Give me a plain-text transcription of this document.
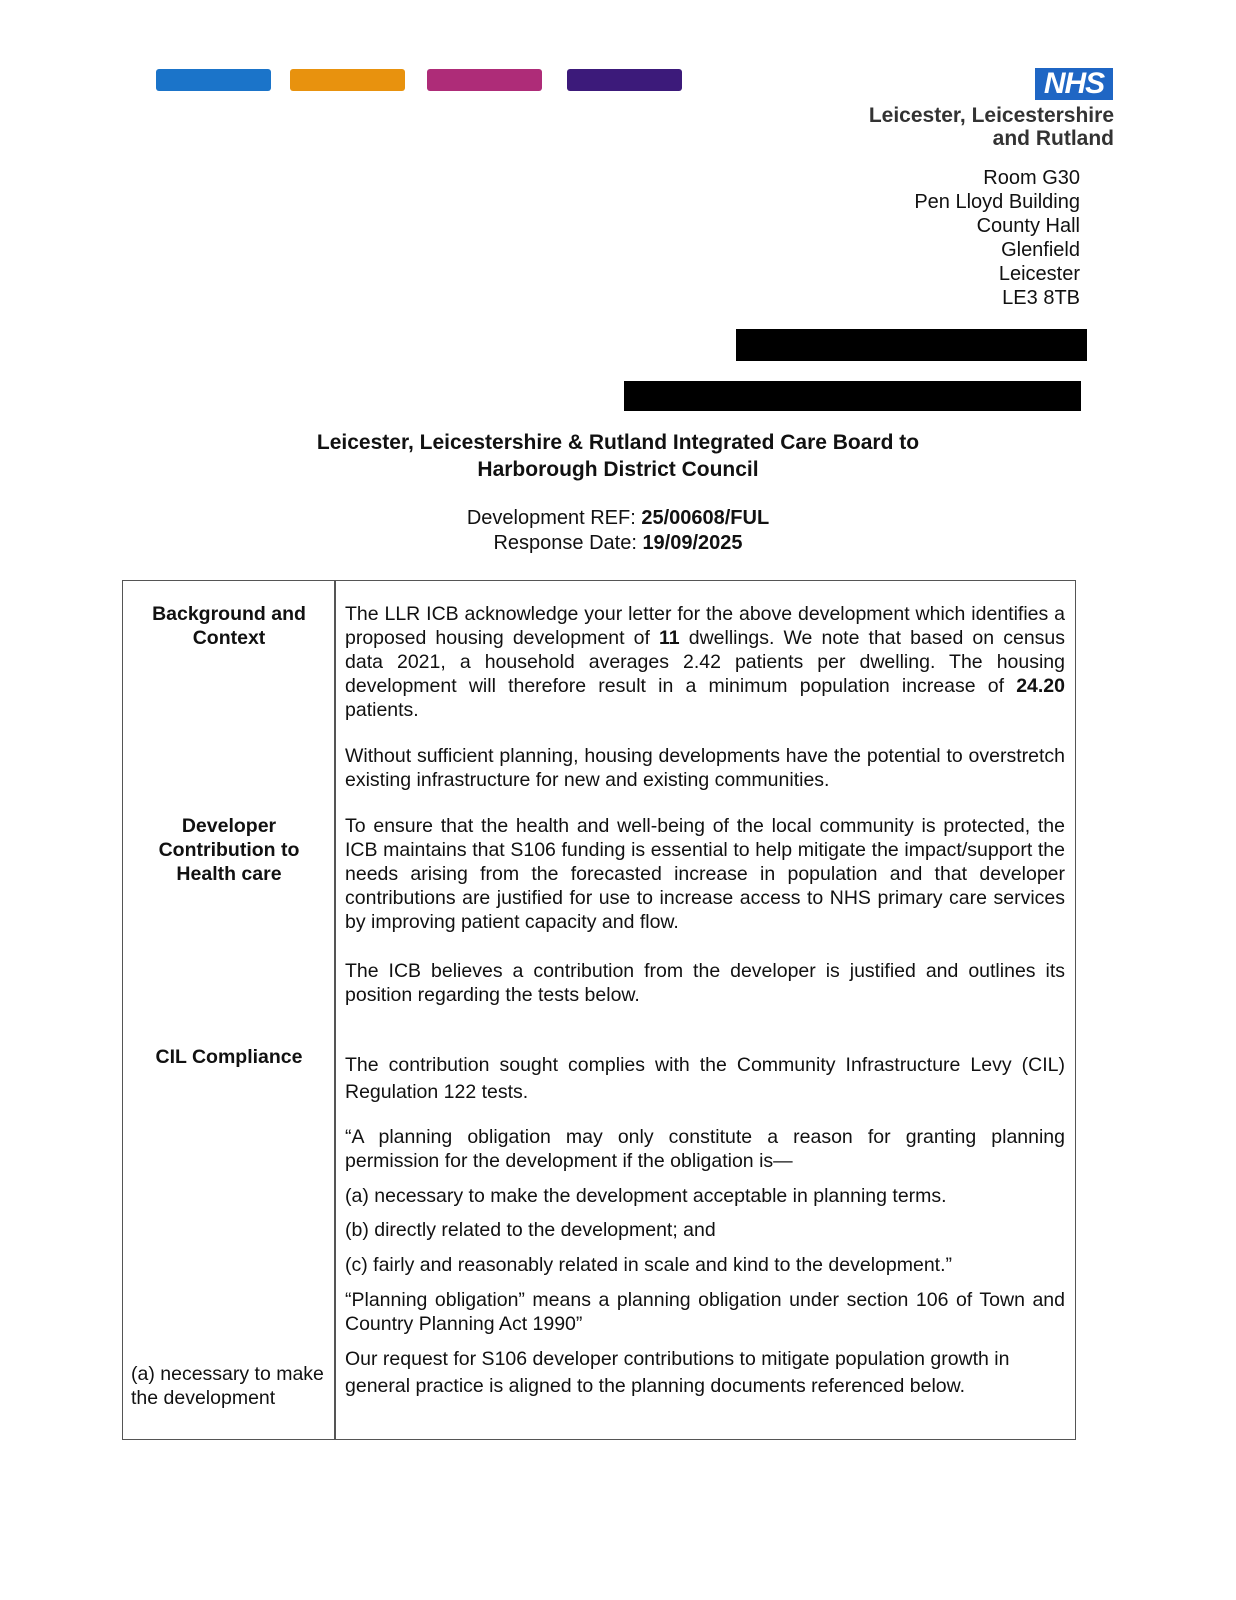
NHS
Leicester, Leicestershire
and Rutland
Room G30
Pen Lloyd Building
County Hall
Glenfield
Leicester
LE3 8TB
Leicester, Leicestershire & Rutland Integrated Care Board to
Harborough District Council
Development REF: 25/00608/FUL
Response Date: 19/09/2025
Background and Context
Developer Contribution to Health care
CIL Compliance
(a) necessary to make the development
The LLR ICB acknowledge your letter for the above development which identifies a proposed housing development of 11 dwellings. We note that based on census data 2021, a household averages 2.42 patients per dwelling. The housing development will therefore result in a minimum population increase of 24.20 patients.
Without sufficient planning, housing developments have the potential to overstretch existing infrastructure for new and existing communities.
To ensure that the health and well-being of the local community is protected, the ICB maintains that S106 funding is essential to help mitigate the impact/support the needs arising from the forecasted increase in population and that developer contributions are justified for use to increase access to NHS primary care services by improving patient capacity and flow.
The ICB believes a contribution from the developer is justified and outlines its position regarding the tests below.
The contribution sought complies with the Community Infrastructure Levy (CIL) Regulation 122 tests.
“A planning obligation may only constitute a reason for granting planning permission for the development if the obligation is—
(a) necessary to make the development acceptable in planning terms.
(b) directly related to the development; and
(c) fairly and reasonably related in scale and kind to the development.”
“Planning obligation” means a planning obligation under section 106 of Town and Country Planning Act 1990”
Our request for S106 developer contributions to mitigate population growth in general practice is aligned to the planning documents referenced below.
